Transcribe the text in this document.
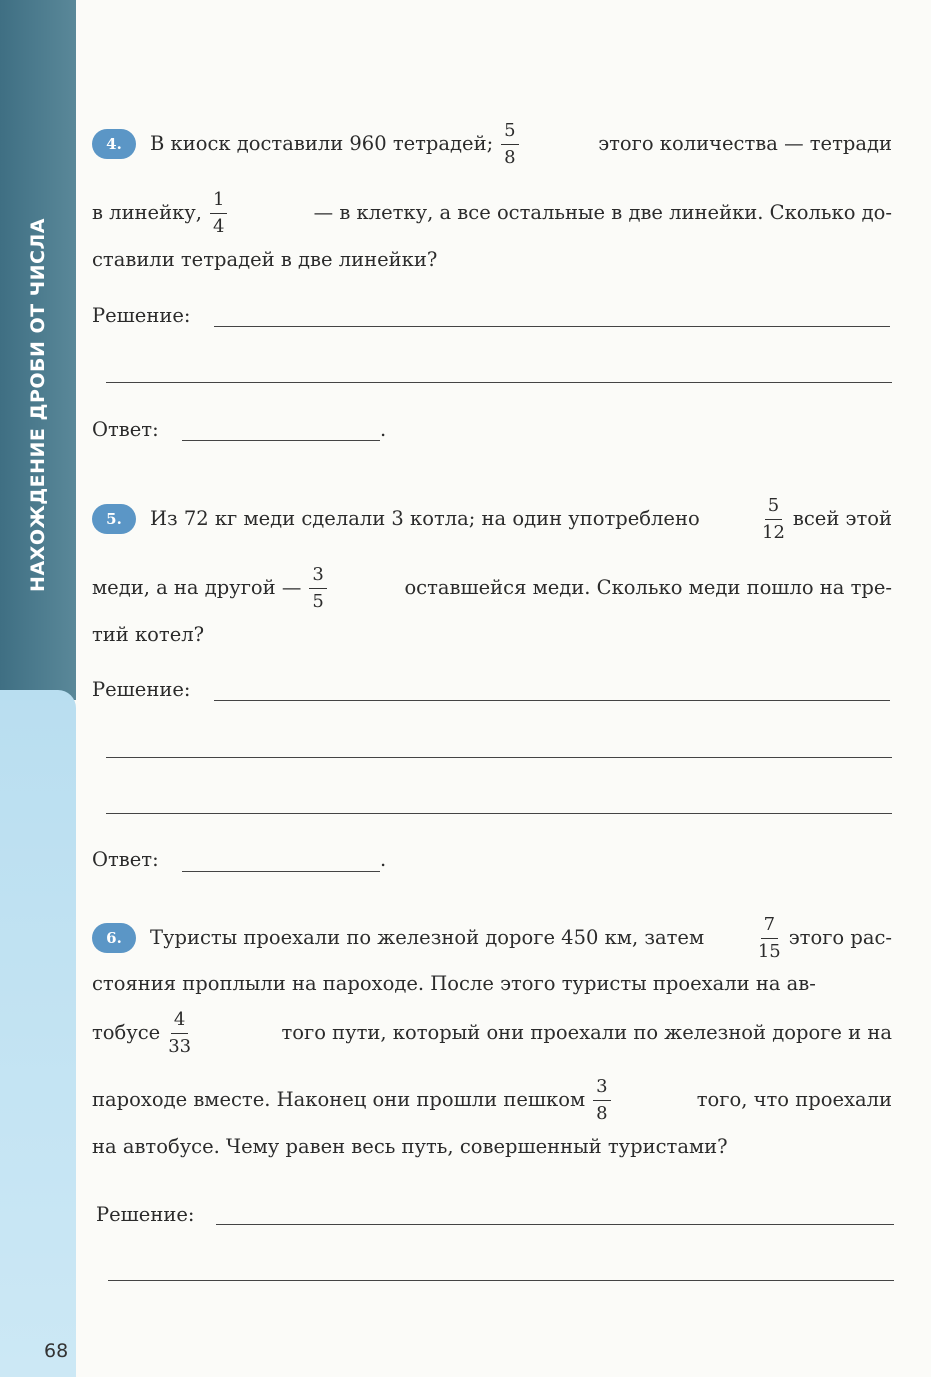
НАХОЖДЕНИЕ ДРОБИ ОТ ЧИСЛА
68
4.	В киоск доставили 960 тетрадей; $\frac{5}{8}$	этого количества — тетради
в линейку, $\frac{1}{4}$	— в клетку, а все остальные в две линейки. Сколько до-
ставили тетрадей в две линейки?
Решение:
Ответ:	.
5.	Из 72 кг меди сделали 3 котла; на один употреблено	$\frac{5}{12}$ всей этой
меди, а на другой — $\frac{3}{5}$	оставшейся меди. Сколько меди пошло на тре-
тий котел?
Решение:
Ответ:	.
6.	Туристы проехали по железной дороге 450 км, затем	$\frac{7}{15}$ этого рас-
стояния проплыли на пароходе. После этого туристы проехали на ав-
тобусе $\frac{4}{33}$	того пути, который они проехали по железной дороге и на
пароходе вместе. Наконец они прошли пешком $\frac{3}{8}$	того, что проехали
на автобусе. Чему равен весь путь, совершенный туристами?
Решение:
